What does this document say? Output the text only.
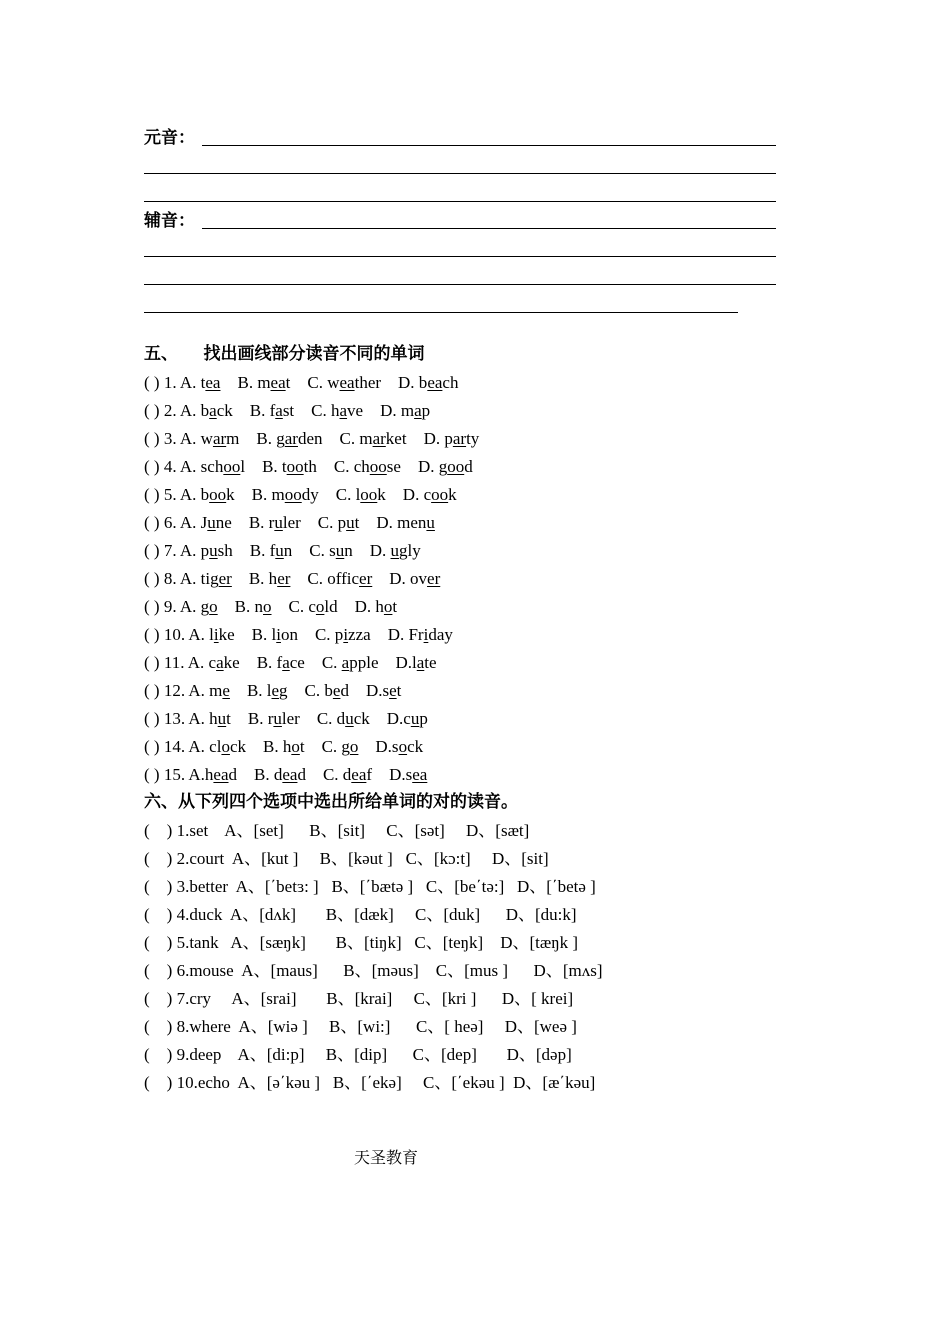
元音：
辅音：
五、      找出画线部分读音不同的单词
( ) 1. A. tea B. meat C. weather D. beach
( ) 2. A. back B. fast C. have D. map
( ) 3. A. warm B. garden C. market D. party
( ) 4. A. school B. tooth C. choose D. good
( ) 5. A. book B. moody C. look D. cook
( ) 6. A. June B. ruler C. put D. menu
( ) 7. A. push B. fun C. sun D. ugly
( ) 8. A. tiger B. her C. officer D. over
( ) 9. A. go B. no C. cold D. hot
( ) 10. A. like B. lion C. pizza D. Friday
( ) 11. A. cake B. face C. apple D.late
( ) 12. A. me B. leg C. bed D.set
( ) 13. A. hut B. ruler C. duck D.cup
( ) 14. A. clock B. hot C. go D.sock
( ) 15. A.head B. dead C. deaf D.sea
六、从下列四个选项中选出所给单词的对的读音。
(    ) 1.set    A、[set]      B、[sit]     C、[sət]     D、[sæt]
(    ) 2.court  A、[kut ]     B、[kəut ]   C、[kɔ:t]     D、[sit]
(    ) 3.better  A、[΄betɜ: ]   B、[΄bætə ]   C、[be΄tə:]   D、[΄betə ]
(    ) 4.duck  A、[dʌk]       B、[dæk]     C、[duk]      D、[du:k]
(    ) 5.tank   A、[sæŋk]       B、[tiŋk]   C、[teŋk]    D、[tæŋk ]
(    ) 6.mouse  A、[maus]      B、[məus]    C、[mus ]      D、[mʌs]
(    ) 7.cry     A、[srai]       B、[krai]     C、[kri ]      D、[ krei]
(    ) 8.where  A、[wiə ]     B、[wi:]      C、[ heə]     D、[weə ]
(    ) 9.deep    A、[di:p]     B、[dip]      C、[dep]       D、[dəp]
(    ) 10.echo  A、[ə΄kəu ]   B、[΄ekə]     C、[΄ekəu ]  D、[æ΄kəu]
天圣教育
